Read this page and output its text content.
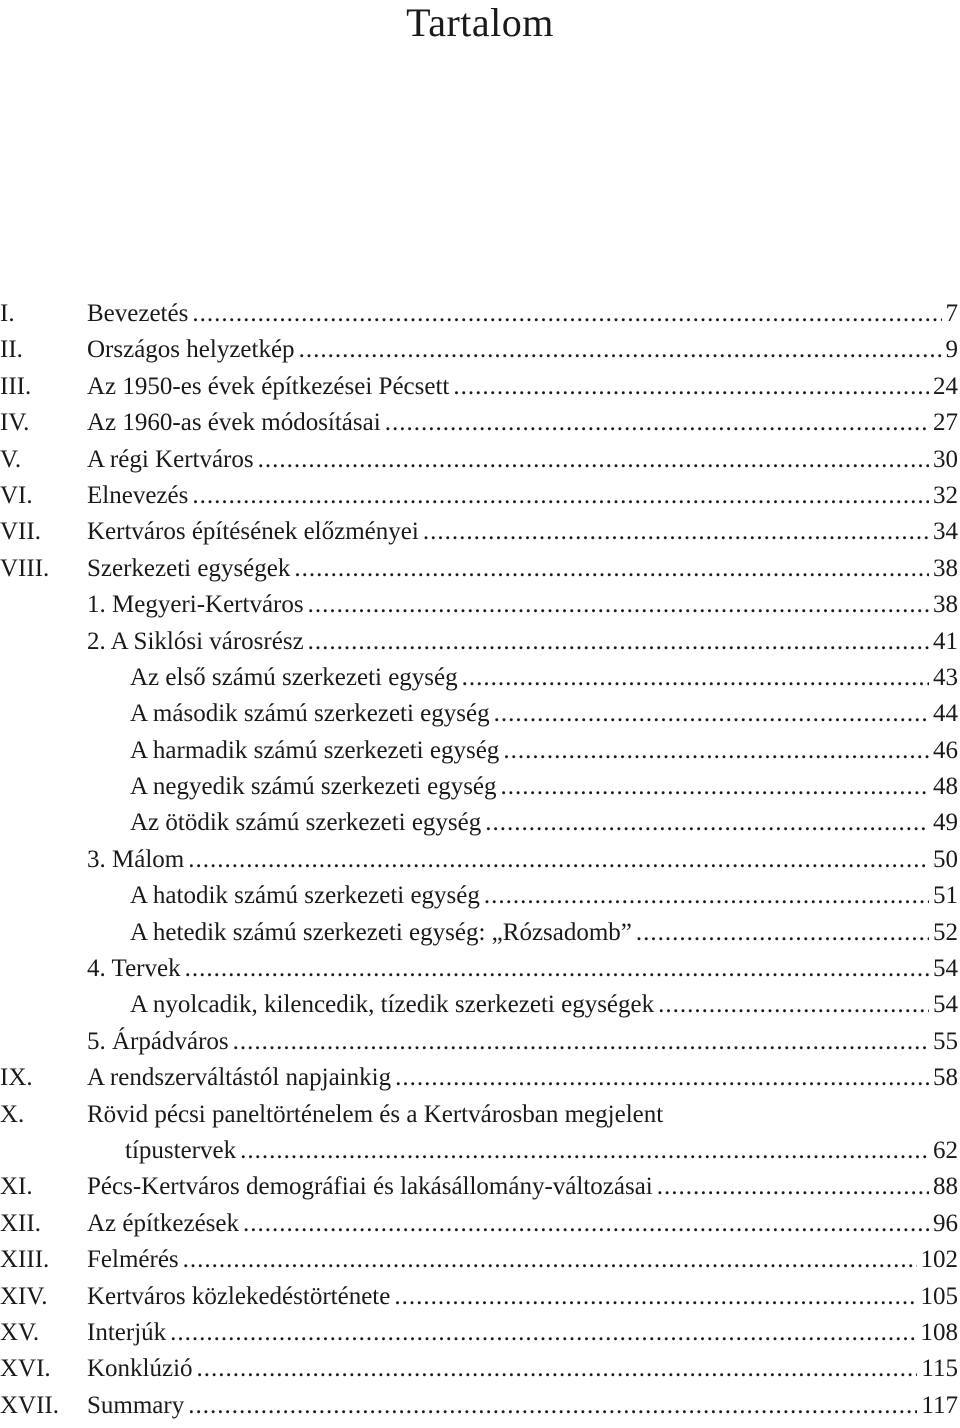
Tartalom
I.	Bevezetés .....	7
II.	Országos helyzetkép .....	9
III.	Az 1950-es évek építkezései Pécsett .....	24
IV.	Az 1960-as évek módosításai .....	27
V.	A régi Kertváros .....	30
VI.	Elnevezés .....	32
VII.	Kertváros építésének előzményei .....	34
VIII.	Szerkezeti egységek .....	38
1. Megyeri-Kertváros .....	38
2. A Siklósi városrész .....	41
Az első számú szerkezeti egység .....	43
A második számú szerkezeti egység .....	44
A harmadik számú szerkezeti egység .....	46
A negyedik számú szerkezeti egység .....	48
Az ötödik számú szerkezeti egység .....	49
3. Málom .....	50
A hatodik számú szerkezeti egység .....	51
A hetedik számú szerkezeti egység: „Rózsadomb” .....	52
4. Tervek .....	54
A nyolcadik, kilencedik, tízedik szerkezeti egységek .....	54
5. Árpádváros .....	55
IX.	A rendszerváltástól napjainkig .....	58
X.	Rövid pécsi paneltörténelem és a Kertvárosban megjelent
típustervek .....	62
XI.	Pécs-Kertváros demográfiai és lakásállomány-változásai .....	88
XII.	Az építkezések .....	96
XIII.	Felmérés .....	102
XIV.	Kertváros közlekedéstörténete .....	105
XV.	Interjúk .....	108
XVI.	Konklúzió .....	115
XVII.	Summary .....	117
